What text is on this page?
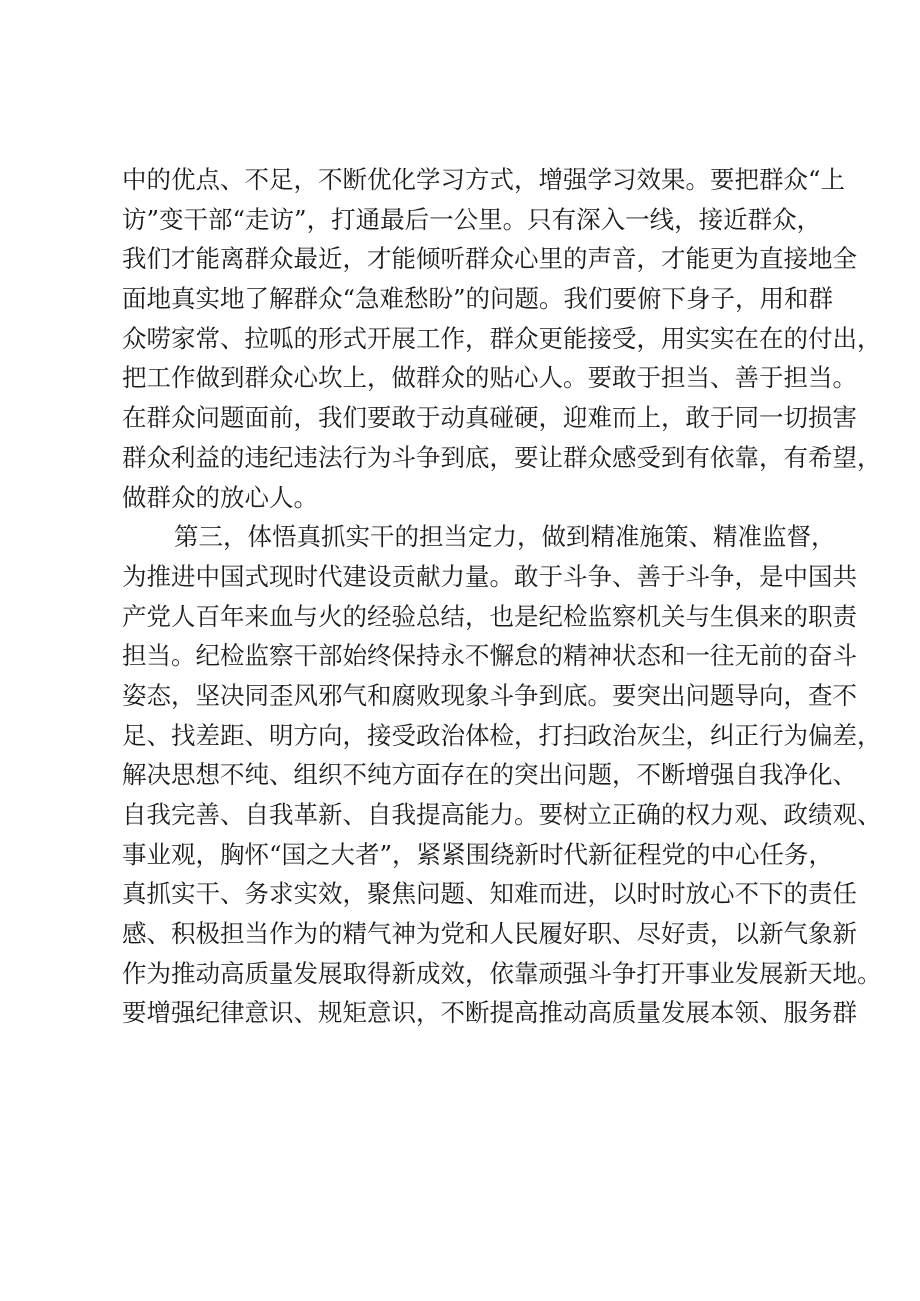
中的优点、不足，不断优化学习方式，增强学习效果。要把群众“上
访”变干部“走访”，打通最后一公里。只有深入一线，接近群众，
我们才能离群众最近，才能倾听群众心里的声音，才能更为直接地全
面地真实地了解群众“急难愁盼”的问题。我们要俯下身子，用和群
众唠家常、拉呱的形式开展工作，群众更能接受，用实实在在的付出，
把工作做到群众心坎上，做群众的贴心人。要敢于担当、善于担当。
在群众问题面前，我们要敢于动真碰硬，迎难而上，敢于同一切损害
群众利益的违纪违法行为斗争到底，要让群众感受到有依靠，有希望，
做群众的放心人。
第三，体悟真抓实干的担当定力，做到精准施策、精准监督，
为推进中国式现时代建设贡献力量。敢于斗争、善于斗争，是中国共
产党人百年来血与火的经验总结，也是纪检监察机关与生俱来的职责
担当。纪检监察干部始终保持永不懈怠的精神状态和一往无前的奋斗
姿态，坚决同歪风邪气和腐败现象斗争到底。要突出问题导向，查不
足、找差距、明方向，接受政治体检，打扫政治灰尘，纠正行为偏差，
解决思想不纯、组织不纯方面存在的突出问题，不断增强自我净化、
自我完善、自我革新、自我提高能力。要树立正确的权力观、政绩观、
事业观，胸怀“国之大者”，紧紧围绕新时代新征程党的中心任务，
真抓实干、务求实效，聚焦问题、知难而进，以时时放心不下的责任
感、积极担当作为的精气神为党和人民履好职、尽好责，以新气象新
作为推动高质量发展取得新成效，依靠顽强斗争打开事业发展新天地。
要增强纪律意识、规矩意识，不断提高推动高质量发展本领、服务群
